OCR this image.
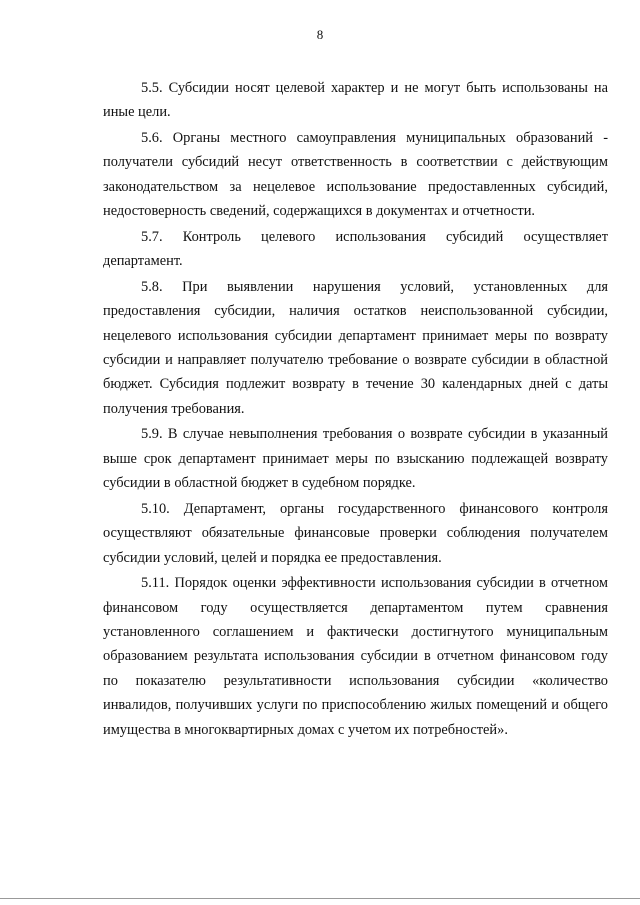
8

5.5. Субсидии носят целевой характер и не могут быть использованы на иные цели.

5.6. Органы местного самоуправления муниципальных образований - получатели субсидий несут ответственность в соответствии с действующим законодательством за нецелевое использование предоставленных субсидий, недостоверность сведений, содержащихся в документах и отчетности.

5.7. Контроль целевого использования субсидий осуществляет департамент.

5.8. При выявлении нарушения условий, установленных для предоставления субсидии, наличия остатков неиспользованной субсидии, нецелевого использования субсидии департамент принимает меры по возврату субсидии и направляет получателю требование о возврате субсидии в областной бюджет. Субсидия подлежит возврату в течение 30 календарных дней с даты получения требования.

5.9. В случае невыполнения требования о возврате субсидии в указанный выше срок департамент принимает меры по взысканию подлежащей возврату субсидии в областной бюджет в судебном порядке.

5.10. Департамент, органы государственного финансового контроля осуществляют обязательные финансовые проверки соблюдения получателем субсидии условий, целей и порядка ее предоставления.

5.11. Порядок оценки эффективности использования субсидии в отчетном финансовом году осуществляется департаментом путем сравнения установленного соглашением и фактически достигнутого муниципальным образованием результата использования субсидии в отчетном финансовом году по показателю результативности использования субсидии «количество инвалидов, получивших услуги по приспособлению жилых помещений и общего имущества в многоквартирных домах с учетом их потребностей».
